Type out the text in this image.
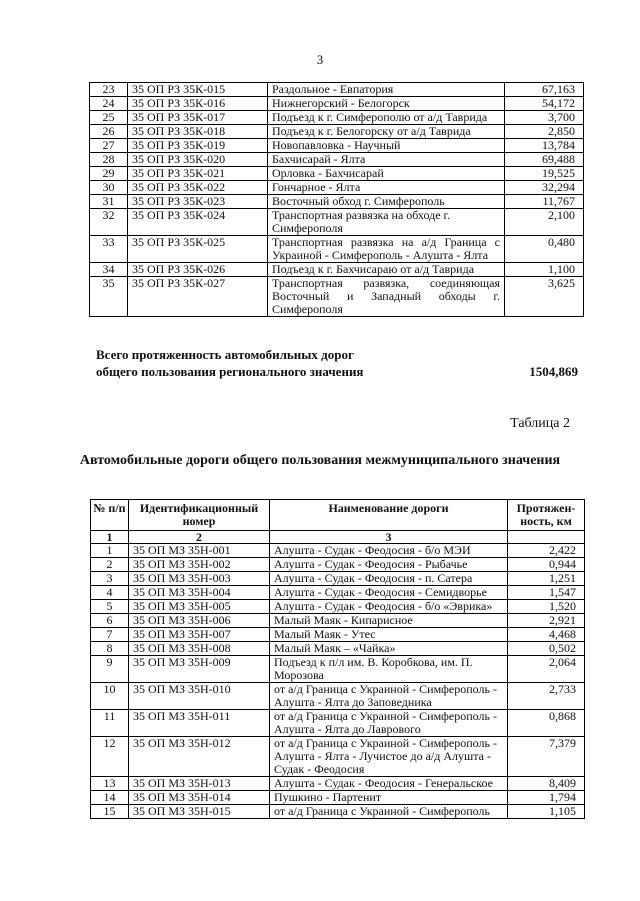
3
23	35 ОП РЗ 35К-015	Раздольное - Евпатория	67,163
24	35 ОП РЗ 35К-016	Нижнегорский - Белогорск	54,172
25	35 ОП РЗ 35К-017	Подъезд к г. Симферополю от а/д Таврида	3,700
26	35 ОП РЗ 35К-018	Подъезд к г. Белогорску от а/д Таврида	2,850
27	35 ОП РЗ 35К-019	Новопавловка - Научный	13,784
28	35 ОП РЗ 35К-020	Бахчисарай - Ялта	69,488
29	35 ОП РЗ 35К-021	Орловка - Бахчисарай	19,525
30	35 ОП РЗ 35К-022	Гончарное - Ялта	32,294
31	35 ОП РЗ 35К-023	Восточный обход г. Симферополь	11,767
32	35 ОП РЗ 35К-024	Транспортная развязка на обходе г. Симферополя	2,100
33	35 ОП РЗ 35К-025	Транспортная развязка на а/д Граница с Украиной - Симферополь - Алушта - Ялта	0,480
34	35 ОП РЗ 35К-026	Подъезд к г. Бахчисараю от а/д Таврида	1,100
35	35 ОП РЗ 35К-027	Транспортная развязка, соединяющая Восточный и Западный обходы г. Симферополя	3,625
Всего протяженность автомобильных дорог общего пользования регионального значения	1504,869
Таблица 2
Автомобильные дороги общего пользования межмуниципального значения
№ п/п	Идентификационный номер	Наименование дороги	Протяжен-ность, км
1	2	3	
1	35 ОП МЗ 35Н-001	Алушта - Судак - Феодосия - б/о МЭИ	2,422
2	35 ОП МЗ 35Н-002	Алушта - Судак - Феодосия - Рыбачье	0,944
3	35 ОП МЗ 35Н-003	Алушта - Судак - Феодосия - п. Сатера	1,251
4	35 ОП МЗ 35Н-004	Алушта - Судак - Феодосия - Семидворье	1,547
5	35 ОП МЗ 35Н-005	Алушта - Судак - Феодосия - б/о «Эврика»	1,520
6	35 ОП МЗ 35Н-006	Малый Маяк - Кипарисное	2,921
7	35 ОП МЗ 35Н-007	Малый Маяк - Утес	4,468
8	35 ОП МЗ 35Н-008	Малый Маяк – «Чайка»	0,502
9	35 ОП МЗ 35Н-009	Подъезд к п/л им. В. Коробкова, им. П. Морозова	2,064
10	35 ОП МЗ 35Н-010	от а/д Граница с Украиной - Симферополь - Алушта - Ялта до Заповедника	2,733
11	35 ОП МЗ 35Н-011	от а/д Граница с Украиной - Симферополь - Алушта - Ялта до Лаврового	0,868
12	35 ОП МЗ 35Н-012	от а/д Граница с Украиной - Симферополь - Алушта - Ялта - Лучистое до а/д Алушта - Судак - Феодосия	7,379
13	35 ОП МЗ 35Н-013	Алушта - Судак - Феодосия - Генеральское	8,409
14	35 ОП МЗ 35Н-014	Пушкино - Партенит	1,794
15	35 ОП МЗ 35Н-015	от а/д Граница с Украиной - Симферополь	1,105
